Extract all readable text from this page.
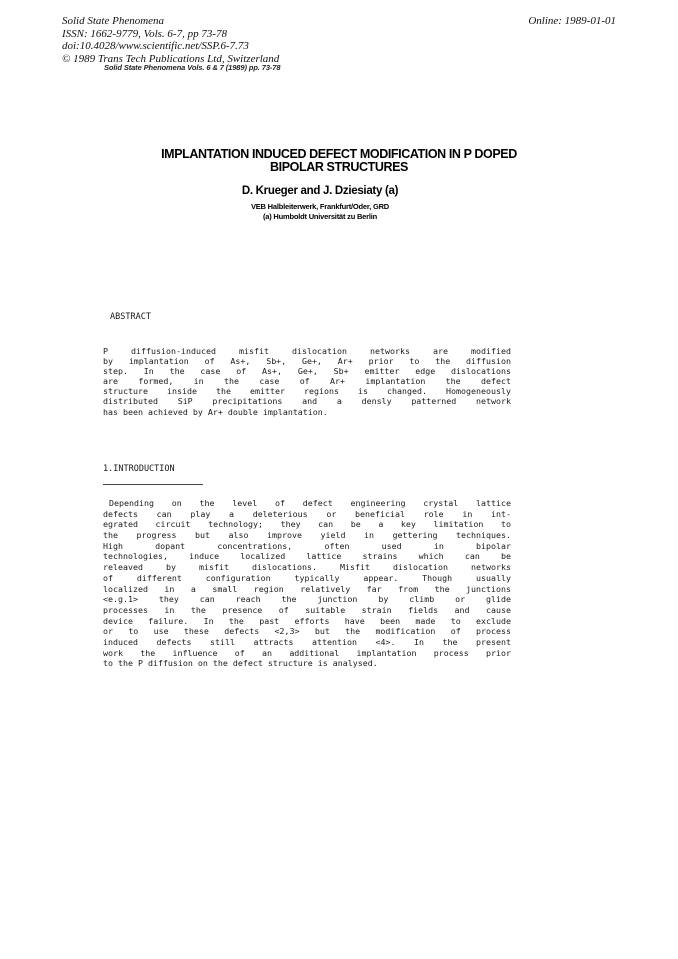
Solid State Phenomena
ISSN: 1662-9779, Vols. 6-7, pp 73-78
doi:10.4028/www.scientific.net/SSP.6-7.73
© 1989 Trans Tech Publications Ltd, Switzerland
Online: 1989-01-01
Solid State Phenomena Vols. 6 & 7 (1989) pp. 73-78
IMPLANTATION INDUCED DEFECT MODIFICATION IN P DOPED
BIPOLAR STRUCTURES
D. Krueger and J. Dziesiaty (a)
VEB Halbleiterwerk, Frankfurt/Oder, GRD
(a) Humboldt Universität zu Berlin
ABSTRACT
P diffusion-induced misfit dislocation networks are modified
by implantation of As+, Sb+, Ge+, Ar+ prior to the diffusion
step. In the case of As+, Ge+, Sb+ emitter edge dislocations
are formed, in the case of Ar+ implantation the defect
structure inside the emitter regions is changed. Homogeneously
distributed SiP precipitations and a densly patterned network
has been achieved by Ar+ double implantation.
1.INTRODUCTION
Depending on the level of defect engineering crystal lattice
defects can play a deleterious or beneficial role in int-
egrated circuit technology; they can be a key limitation to
the progress but also improve yield in gettering techniques.
High dopant concentrations, often used in bipolar
technologies, induce localized lattice strains which can be
releaved by misfit dislocations. Misfit dislocation networks
of different configuration typically appear. Though usually
localized in a small region relatively far from the junctions
<e.g.1> they can reach the junction by climb or glide
processes in the presence of suitable strain fields and cause
device failure. In the past efforts have been made to exclude
or to use these defects <2,3> but the modification of process
induced defects still attracts attention <4>. In the present
work the influence of an additional implantation process prior
to the P diffusion on the defect structure is analysed.
